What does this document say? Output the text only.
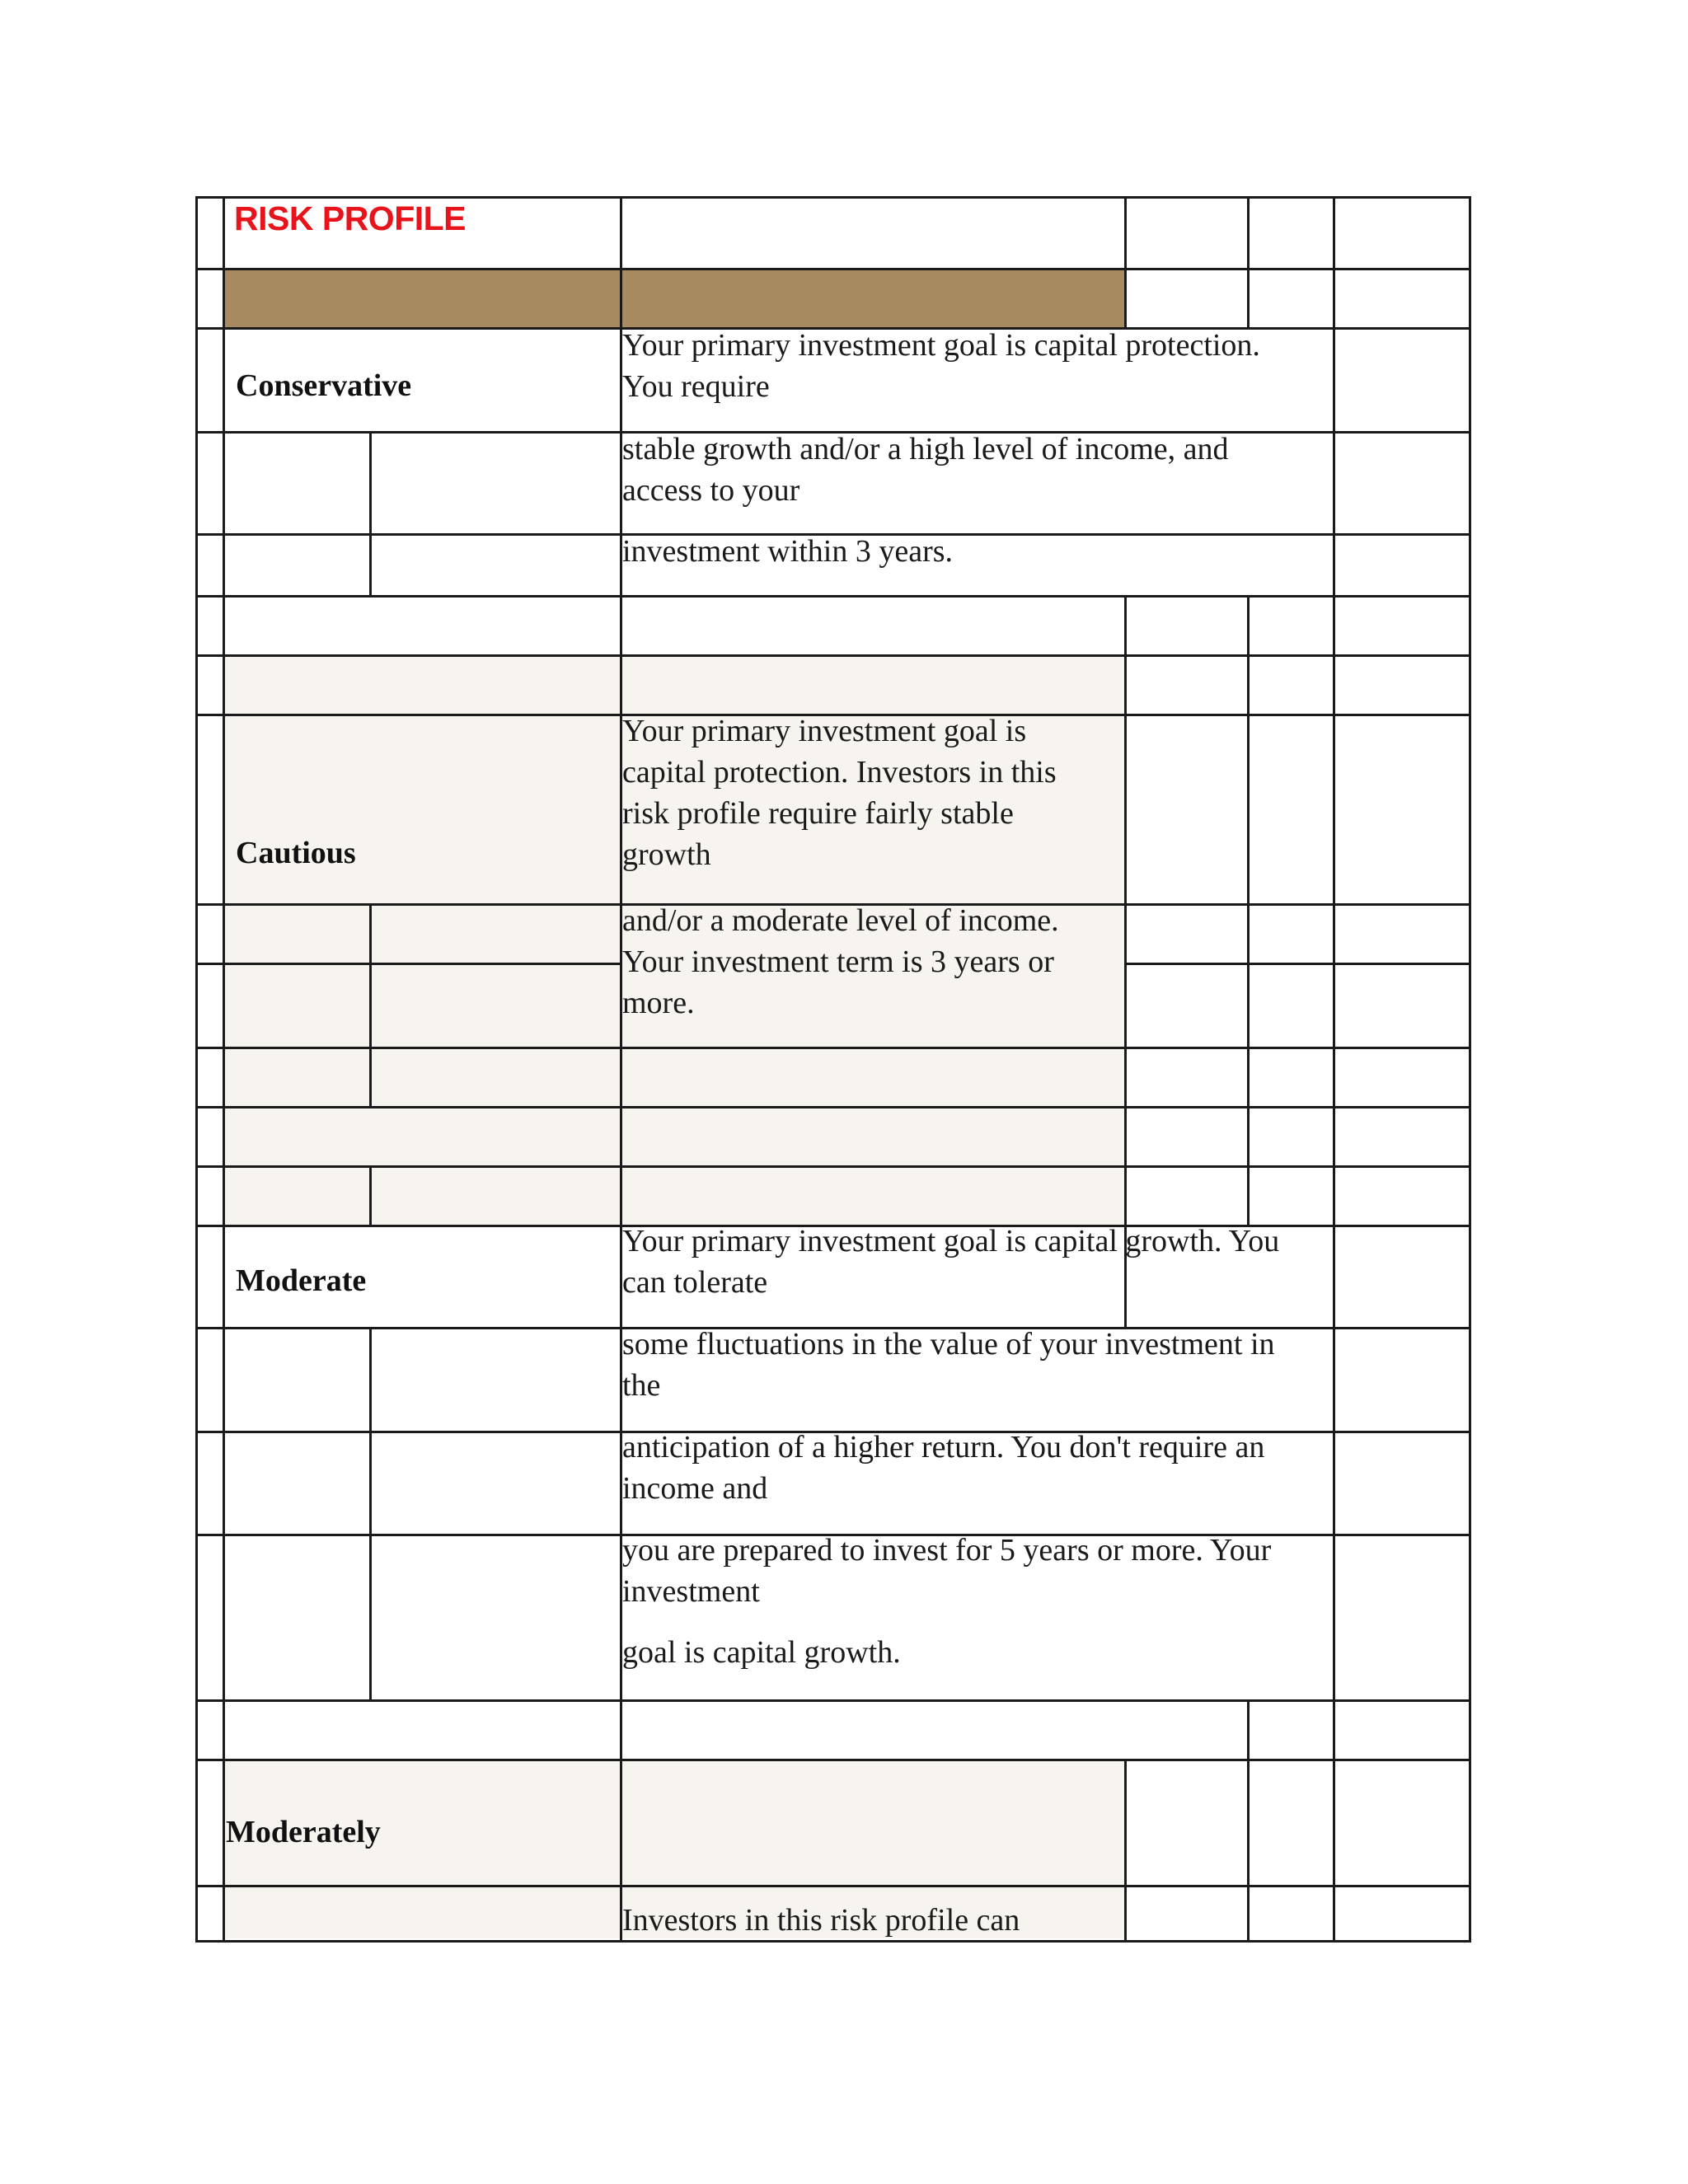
RISK PROFILE
Conservative
Your primary investment goal is capital protection.
You require
stable growth and/or a high level of income, and
access to your
investment within 3 years.
Cautious
Your primary investment goal is
capital protection. Investors in this
risk profile require fairly stable
growth
and/or a moderate level of income.
Your investment term is 3 years or
more.
Moderate
Your primary investment goal is capital growth. You
can tolerate
some fluctuations in the value of your investment in
the
anticipation of a higher return. You don't require an
income and
you are prepared to invest for 5 years or more. Your
investment
goal is capital growth.
Moderately
Investors in this risk profile can
